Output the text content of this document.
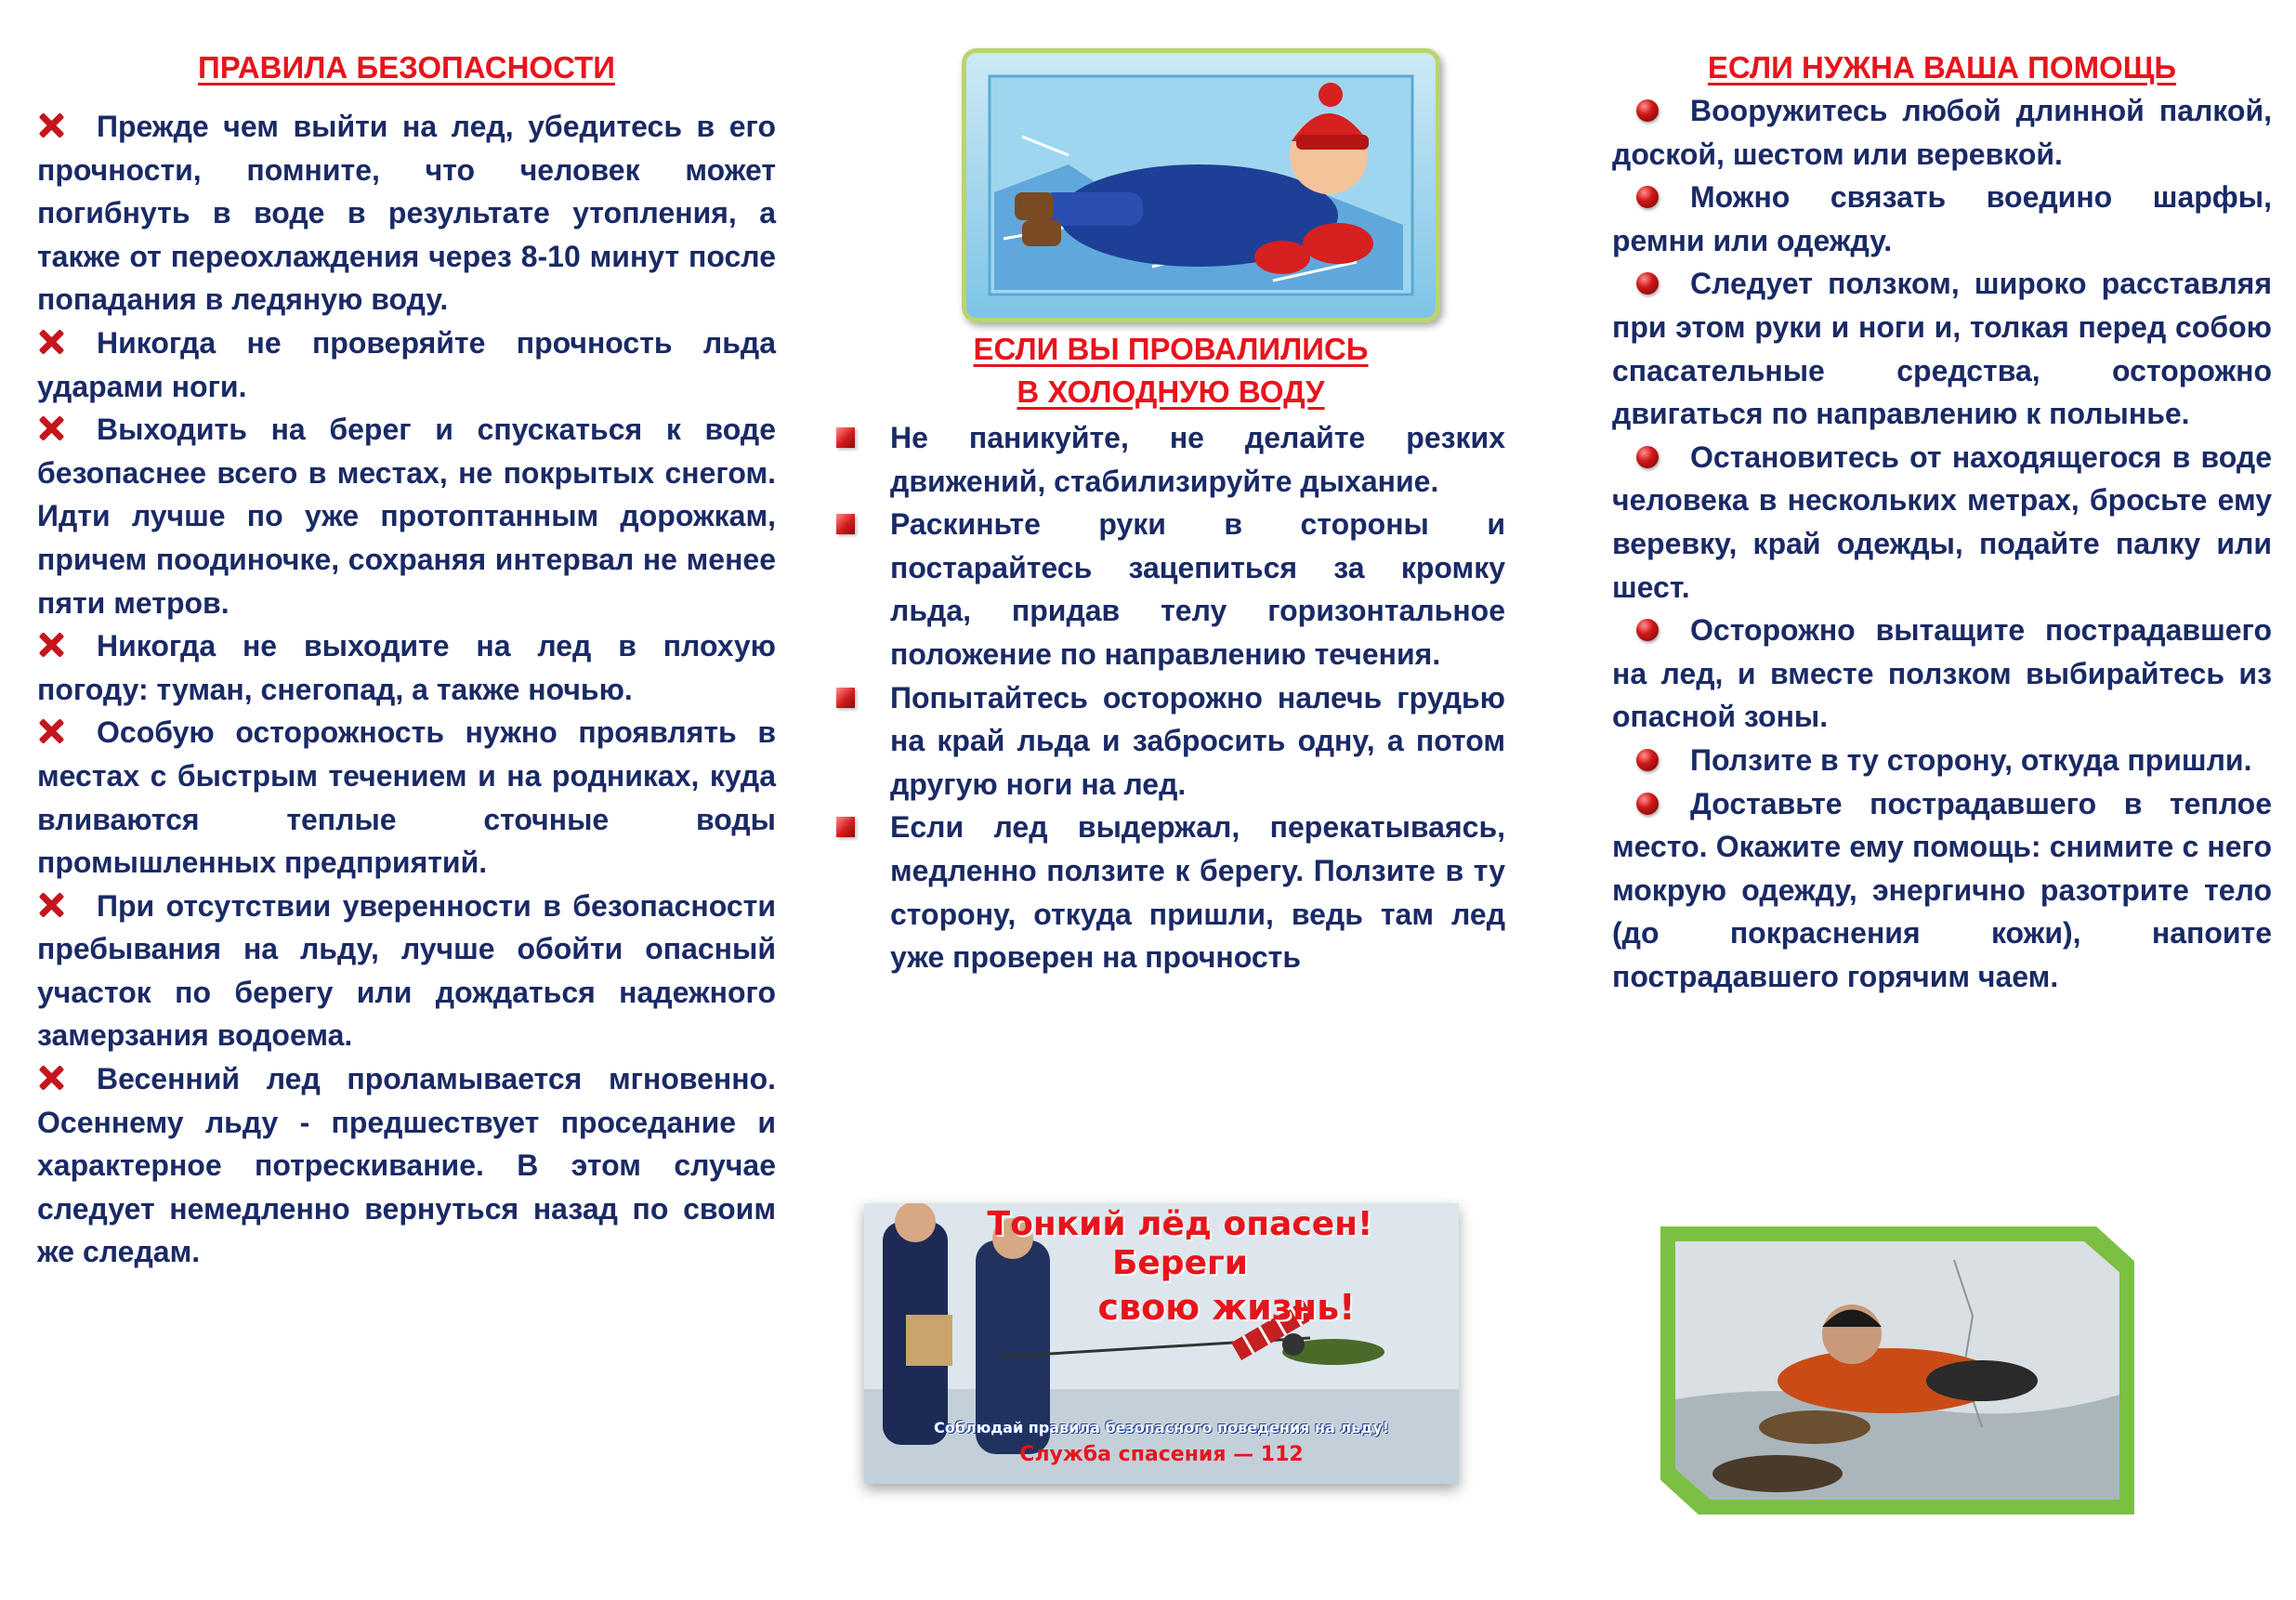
ПРАВИЛА БЕЗОПАСНОСТИ
Прежде чем выйти на лед, убедитесь в его прочности, помните, что человек может погибнуть в воде в результате утопления, а также от переохлаждения через 8-10 минут после попадания в ледяную воду.
Никогда не проверяйте прочность льда ударами ноги.
Выходить на берег и спускаться к воде безопаснее всего в местах, не покрытых снегом. Идти лучше по уже протоптанным дорожкам, причем поодиночке, сохраняя интервал не менее пяти метров.
Никогда не выходите на лед в плохую погоду: туман, снегопад, а также ночью.
Особую осторожность нужно проявлять в местах с быстрым течением и на родниках, куда вливаются теплые сточные воды промышленных предприятий.
При отсутствии уверенности в безопасности пребывания на льду, лучше обойти опасный участок по берегу или дождаться надежного замерзания водоема.
Весенний лед проламывается мгновенно. Осеннему льду - предшествует проседание и характерное потрескивание. В этом случае следует немедленно вернуться назад по своим же следам.
ЕСЛИ ВЫ ПРОВАЛИЛИСЬ
В ХОЛОДНУЮ ВОДУ
Не паникуйте, не делайте резких движений, стабилизируйте дыхание.
Раскиньте руки в стороны и постарайтесь зацепиться за кромку льда, придав телу горизонтальное положение по направлению течения.
Попытайтесь осторожно налечь грудью на край льда и забросить одну, а потом другую ноги на лед.
Если лед выдержал, перекатываясь, медленно ползите к берегу. Ползите в ту сторону, откуда пришли, ведь там лед уже проверен на прочность
Тонкий лёд опасен!
Береги
свою жизнь!
Соблюдай правила безопасного поведения на льду!
Служба спасения — 112
ЕСЛИ НУЖНА ВАША ПОМОЩЬ
Вооружитесь любой длинной палкой, доской, шестом или веревкой.
Можно связать воедино шарфы, ремни или одежду.
Следует ползком, широко расставляя при этом руки и ноги и, толкая перед собою спасательные средства, осторожно двигаться по направлению к полынье.
Остановитесь от находящегося в воде человека в нескольких метрах, бросьте ему веревку, край одежды, подайте палку или шест.
Осторожно вытащите пострадавшего на лед, и вместе ползком выбирайтесь из опасной зоны.
Ползите в ту сторону, откуда пришли.
Доставьте пострадавшего в теплое место. Окажите ему помощь: снимите с него мокрую одежду, энергично разотрите тело (до покраснения кожи), напоите пострадавшего горячим чаем.
